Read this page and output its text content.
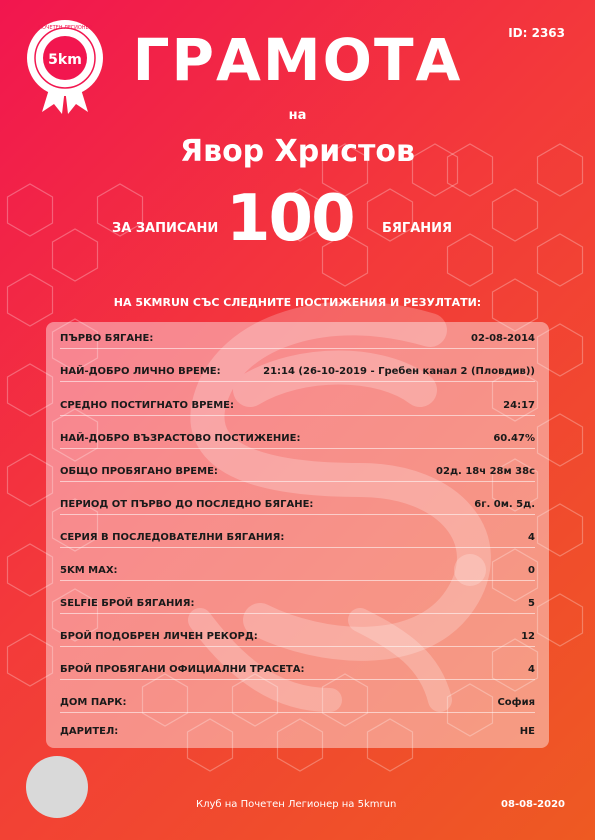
5km
ПОЧЕТЕН ЛЕГИОНЕР	ID: 2363
ГРАМОТА
на
Явор Христов
ЗА ЗАПИСАНИ 100 БЯГАНИЯ
НА 5KMRUN СЪС СЛЕДНИТЕ ПОСТИЖЕНИЯ И РЕЗУЛТАТИ:
ПЪРВО БЯГАНЕ:	02-08-2014
НАЙ-ДОБРО ЛИЧНО ВРЕМЕ:	21:14 (26-10-2019 - Гребен канал 2 (Пловдив))
СРЕДНО ПОСТИГНАТО ВРЕМЕ:	24:17
НАЙ-ДОБРО ВЪЗРАСТОВО ПОСТИЖЕНИЕ:	60.47%
ОБЩО ПРОБЯГАНО ВРЕМЕ:	02д. 18ч 28м 38с
ПЕРИОД ОТ ПЪРВО ДО ПОСЛЕДНО БЯГАНЕ:	6г. 0м. 5д.
СЕРИЯ В ПОСЛЕДОВАТЕЛНИ БЯГАНИЯ:	4
5KM MAX:	0
SELFIE БРОЙ БЯГАНИЯ:	5
БРОЙ ПОДОБРЕН ЛИЧЕН РЕКОРД:	12
БРОЙ ПРОБЯГАНИ ОФИЦИАЛНИ ТРАСЕТА:	4
ДОМ ПАРК:	София
ДАРИТЕЛ:	НЕ
Клуб на Почетен Легионер на 5kmrun	08-08-2020
